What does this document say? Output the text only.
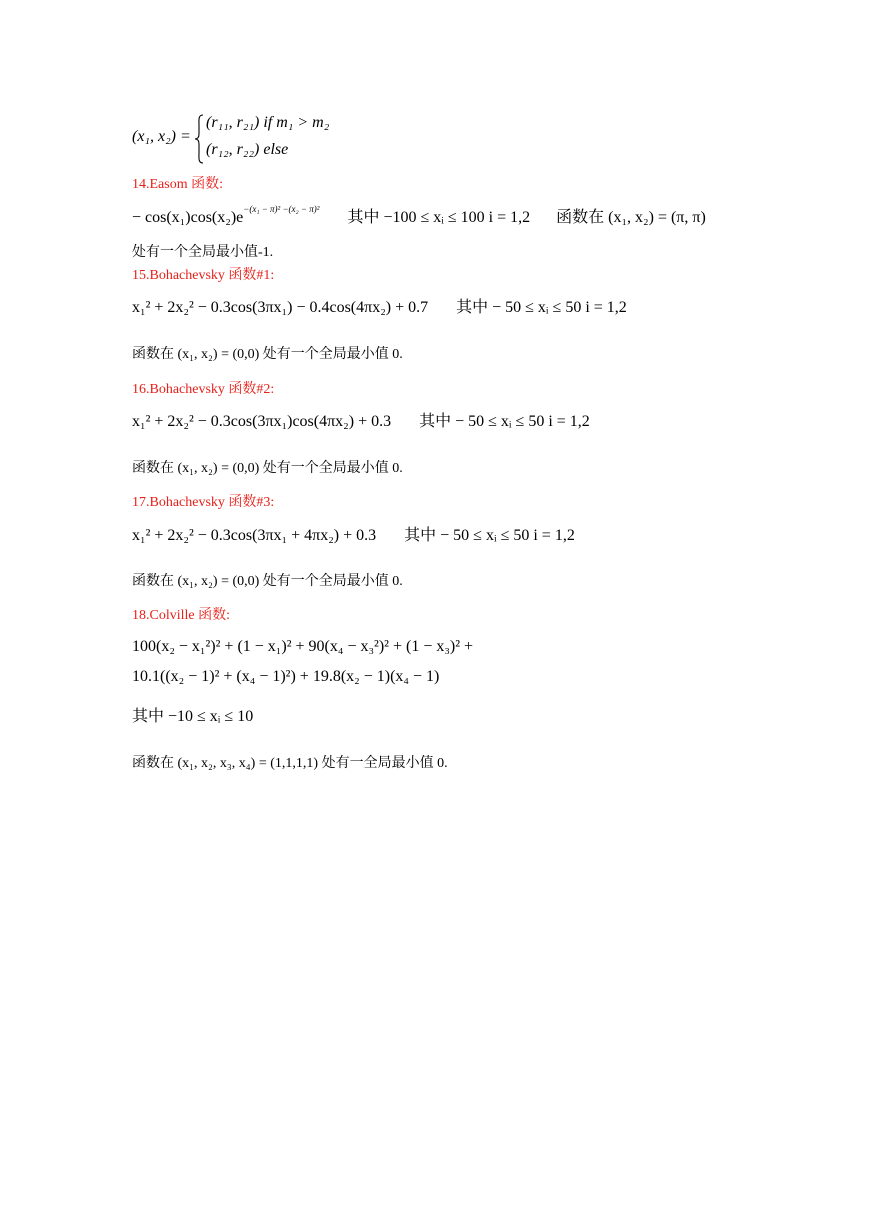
(x₁, x₂) =
(r₁₁, r₂₁) if m₁ > m₂
(r₁₂, r₂₂) else
14.Easom 函数:
− $\cos(x_1)\cos(x_2)e^{-(x_1 - \pi)^2 -(x_2 - \pi)^2}$  其中 −100 ≤ xᵢ ≤ 100 i = 1,2 函数在 (x₁, x₂) = (π, π)
处有一个全局最小值-1.
15.Bohachevsky 函数#1:
x₁² + 2x₂² − 0.3cos(3πx₁) − 0.4cos(4πx₂) + 0.7 其中 − 50 ≤ xᵢ ≤ 50 i = 1,2
函数在 (x₁, x₂) = (0,0) 处有一个全局最小值 0.
16.Bohachevsky 函数#2:
x₁² + 2x₂² − 0.3cos(3πx₁)cos(4πx₂) + 0.3 其中 − 50 ≤ xᵢ ≤ 50 i = 1,2
函数在 (x₁, x₂) = (0,0) 处有一个全局最小值 0.
17.Bohachevsky 函数#3:
x₁² + 2x₂² − 0.3cos(3πx₁ + 4πx₂) + 0.3 其中 − 50 ≤ xᵢ ≤ 50 i = 1,2
函数在 (x₁, x₂) = (0,0) 处有一个全局最小值 0.
18.Colville 函数:
100(x₂ − x₁²)² + (1 − x₁)² + 90(x₄ − x₃²)² + (1 − x₃)² +
10.1((x₂ − 1)² + (x₄ − 1)²) + 19.8(x₂ − 1)(x₄ − 1)
其中 −10 ≤ xᵢ ≤ 10
函数在 (x₁, x₂, x₃, x₄) = (1,1,1,1) 处有一全局最小值 0.
